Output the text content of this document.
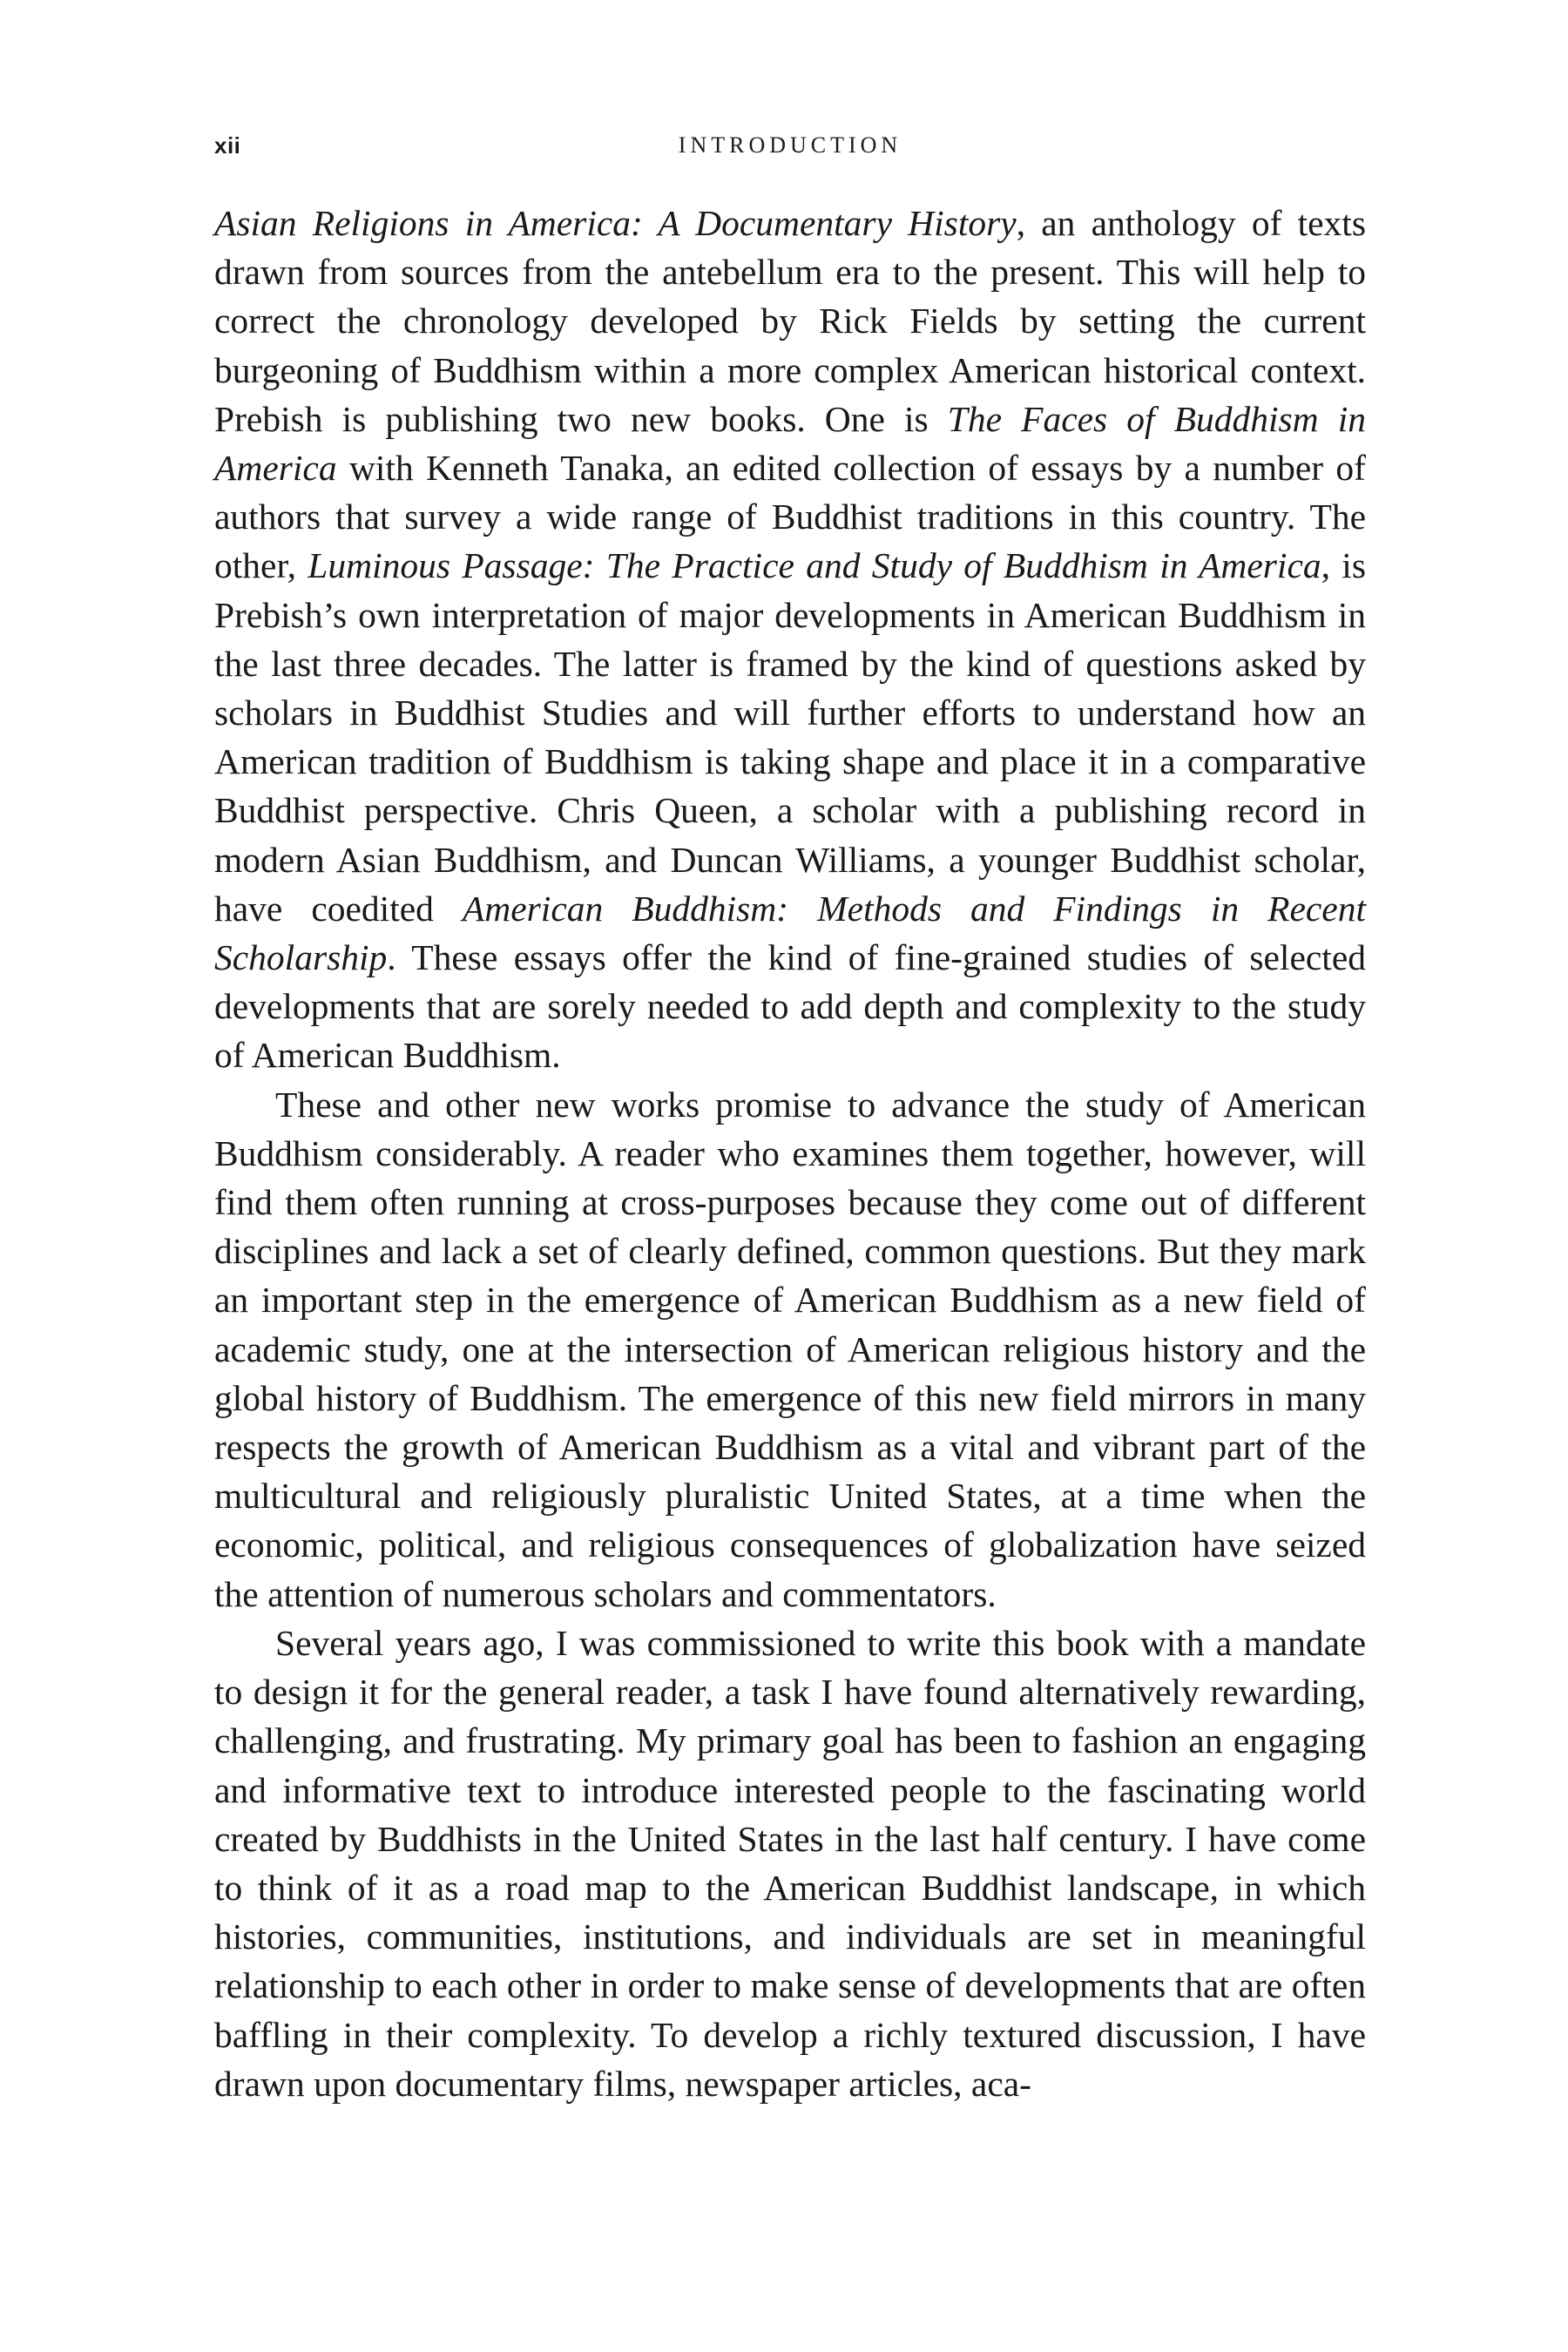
xii	INTRODUCTION

Asian Religions in America: A Documentary History, an anthology of texts drawn from sources from the antebellum era to the present. This will help to correct the chronology developed by Rick Fields by setting the current burgeoning of Buddhism within a more complex American historical context. Prebish is publishing two new books. One is The Faces of Buddhism in America with Kenneth Tanaka, an edited collection of essays by a number of authors that survey a wide range of Buddhist traditions in this country. The other, Luminous Passage: The Practice and Study of Buddhism in America, is Prebish’s own interpretation of major developments in American Buddhism in the last three decades. The latter is framed by the kind of questions asked by scholars in Buddhist Studies and will further efforts to understand how an American tradition of Buddhism is taking shape and place it in a comparative Buddhist perspective. Chris Queen, a scholar with a publishing record in modern Asian Buddhism, and Duncan Williams, a younger Buddhist scholar, have coedited American Buddhism: Methods and Findings in Recent Scholarship. These essays offer the kind of fine-grained studies of selected developments that are sorely needed to add depth and complexity to the study of American Buddhism.

These and other new works promise to advance the study of American Buddhism considerably. A reader who examines them together, however, will find them often running at cross-purposes because they come out of different disciplines and lack a set of clearly defined, common questions. But they mark an important step in the emergence of American Buddhism as a new field of academic study, one at the intersection of American religious history and the global history of Buddhism. The emergence of this new field mirrors in many respects the growth of American Buddhism as a vital and vibrant part of the multicultural and religiously pluralistic United States, at a time when the economic, political, and religious consequences of globalization have seized the attention of numerous scholars and commentators.

Several years ago, I was commissioned to write this book with a mandate to design it for the general reader, a task I have found alternatively rewarding, challenging, and frustrating. My primary goal has been to fashion an engaging and informative text to introduce interested people to the fascinating world created by Buddhists in the United States in the last half century. I have come to think of it as a road map to the American Buddhist landscape, in which histories, communities, institutions, and individuals are set in meaningful relationship to each other in order to make sense of developments that are often baffling in their complexity. To develop a richly textured discussion, I have drawn upon documentary films, newspaper articles, aca-
